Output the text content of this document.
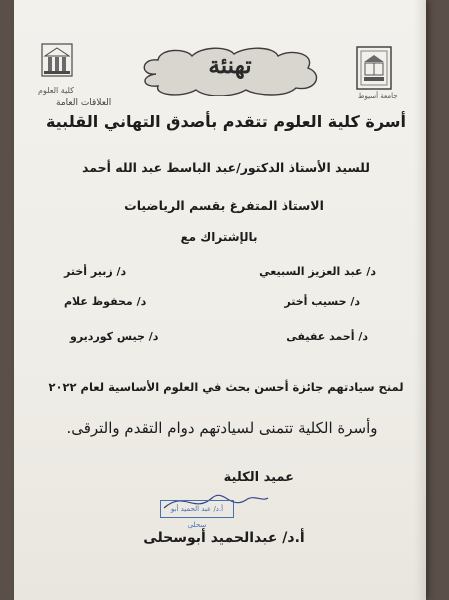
كلية العلوم
تهنئة
جامعة أسيوط
العلاقات العامة
أسرة كلية العلوم تتقدم بأصدق التهاني القلبية
للسيد الأستاذ الدكتور/عبد الباسط عبد الله أحمد
الاستاذ المتفرغ بقسم الرياضيات
بالإشتراك مع
د/ عبد العزيز السبيعي
د/ زبير أختر
د/ حسيب أختر
د/ محفوظ علام
د/ أحمد عفيفى
د/ جيس كورديرو
لمنح سيادتهم جائزة أحسن بحث في العلوم الأساسية لعام ٢٠٢٢
وأسرة الكلية تتمنى لسيادتهم دوام التقدم والترقى.
عميد الكلية
أ.د/ عبد الحميد أبو سحلى
أ.د/ عبدالحميد أبوسحلى
